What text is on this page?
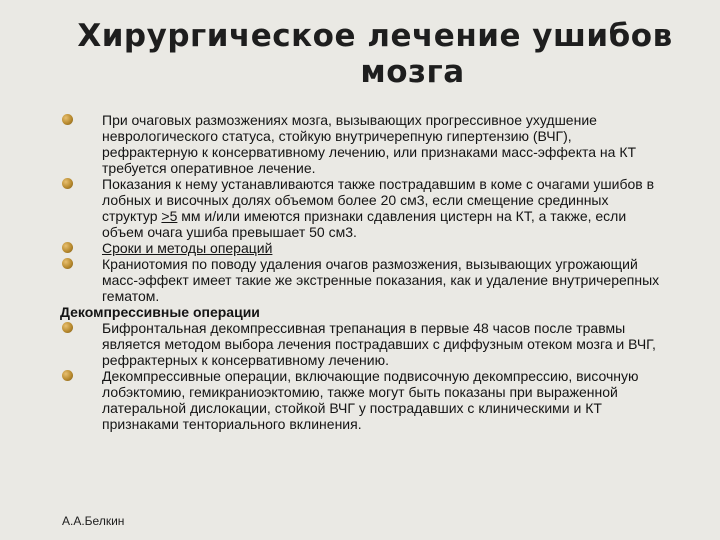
Хирургическое лечение ушибов
мозга
При очаговых размозжениях мозга, вызывающих прогрессивное ухудшение неврологического статуса, стойкую внутричерепную гипертензию (ВЧГ), рефрактерную к консервативному лечению, или признаками масс-эффекта на КТ требуется оперативное лечение.
Показания к нему устанавливаются также пострадавшим в коме с очагами ушибов в лобных и височных долях объемом более 20 см3, если смещение срединных структур >5 мм и/или имеются признаки сдавления цистерн на КТ, а также, если объем очага ушиба превышает 50 см3.
Сроки и методы операций
Краниотомия по поводу удаления очагов размозжения, вызывающих угрожающий масс-эффект имеет такие же экстренные показания, как и удаление внутричерепных гематом.
Декомпрессивные операции
Бифронтальная декомпрессивная трепанация в первые 48 часов после травмы является методом выбора лечения пострадавших с диффузным отеком мозга и ВЧГ, рефрактерных к консервативному лечению.
Декомпрессивные операции, включающие подвисочную декомпрессию, височную лобэктомию, гемикраниоэктомию, также могут быть показаны при выраженной латеральной дислокации, стойкой ВЧГ у пострадавших с клиническими и КТ признаками тенториального вклинения.
А.А.Белкин
